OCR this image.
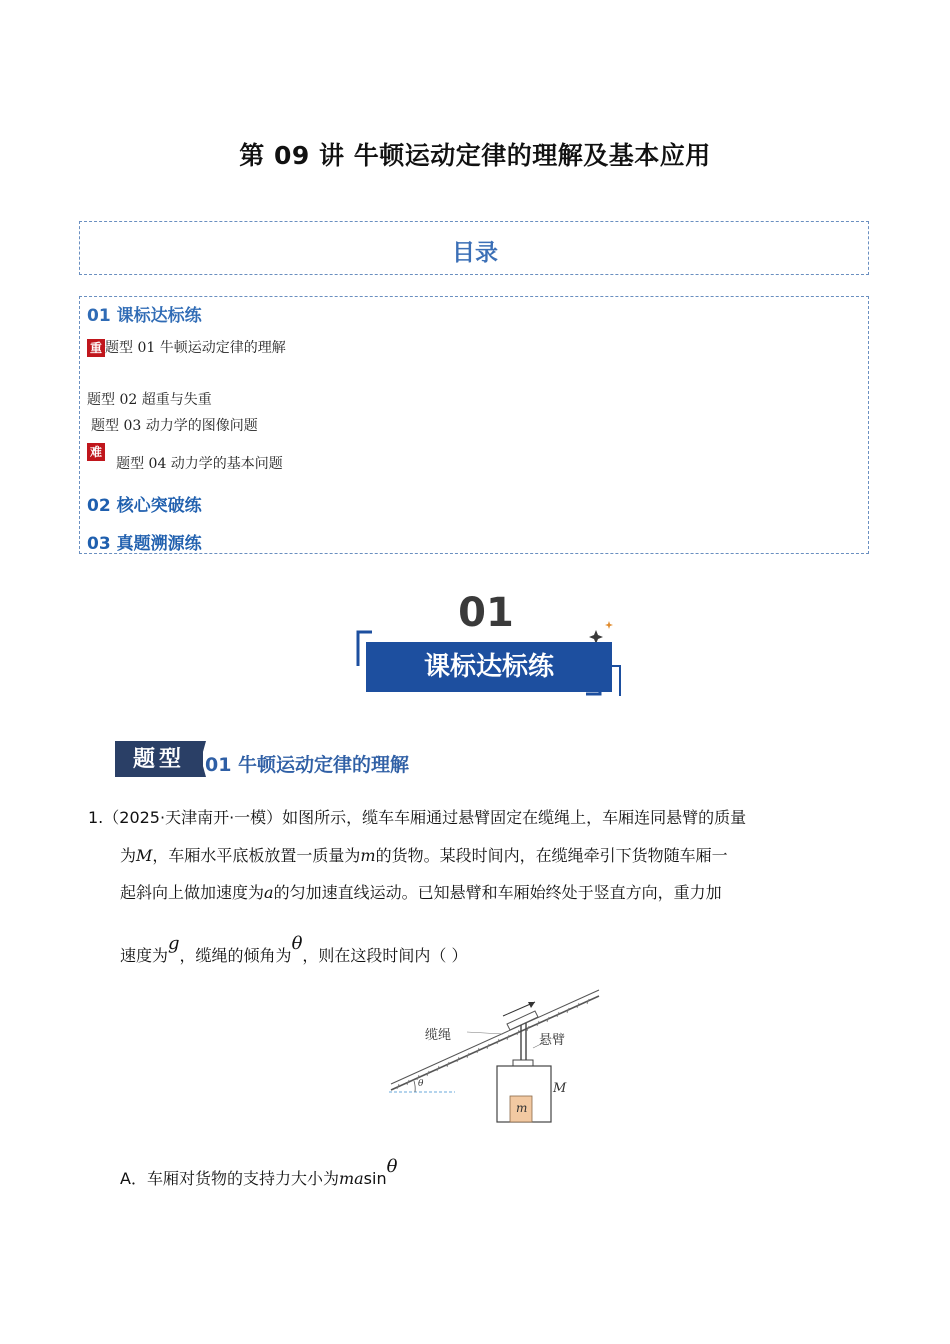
第 09 讲 牛顿运动定律的理解及基本应用
目录
01 课标达标练
重 题型 01 牛顿运动定律的理解
题型 02 超重与失重
题型 03 动力学的图像问题
难 题型 04 动力学的基本问题
02 核心突破练
03 真题溯源练
01
课标达标练
题型	01 牛顿运动定律的理解
1.（2025·天津南开·一模）如图所示，缆车车厢通过悬臂固定在缆绳上，车厢连同悬臂的质量
为M，车厢水平底板放置一质量为m的货物。某段时间内，在缆绳牵引下货物随车厢一
起斜向上做加速度为a的匀加速直线运动。已知悬臂和车厢始终处于竖直方向，重力加
速度为g，缆绳的倾角为θ，则在这段时间内（ ）
缆绳	悬臂
M
m
θ
A．车厢对货物的支持力大小为masinθ
